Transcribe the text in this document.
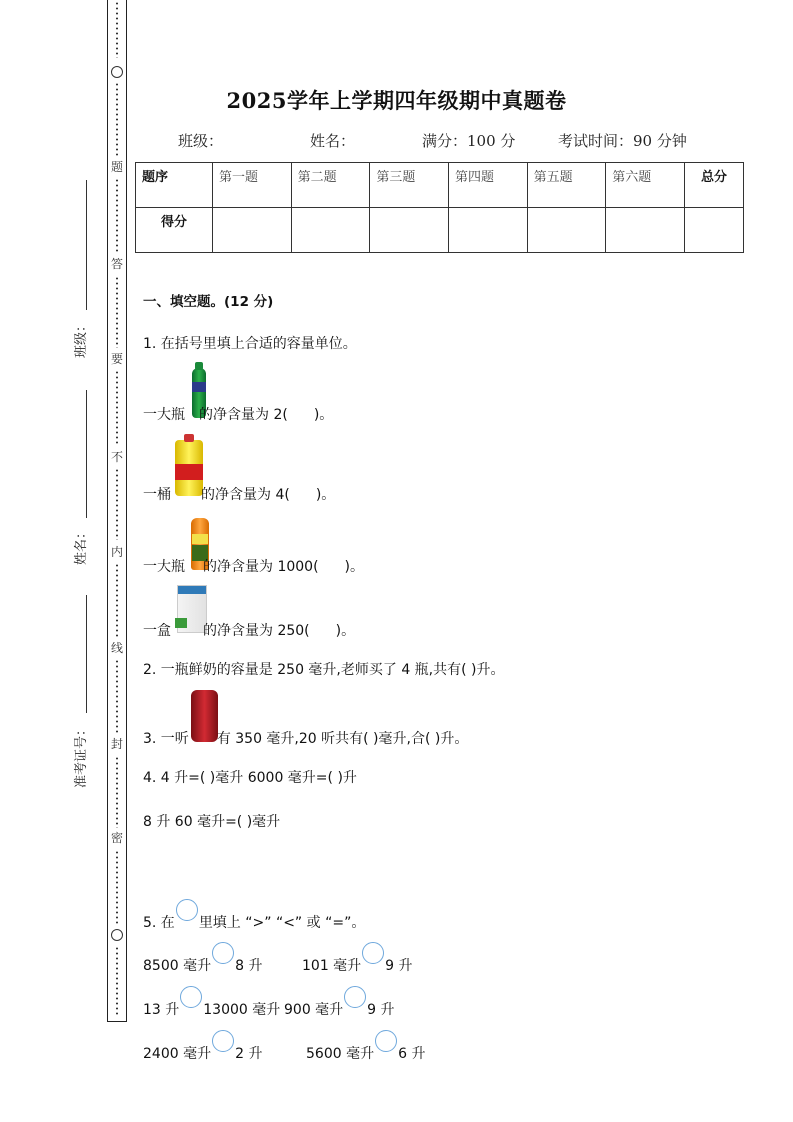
题
答
要
不
内
线
封
密
班级：
姓名：
准考证号：
2025学年上学期四年级期中真题卷
班级：	姓名：	满分：100 分	考试时间：90 分钟
题序	第一题	第二题	第三题	第四题	第五题	第六题	总分
得分							
一、填空题。(12 分)
1. 在括号里填上合适的容量单位。
一大瓶 的净含量为 2( )。
一桶 的净含量为 4( )。
一大瓶 的净含量为 1000( )。
一盒 的净含量为 250( )。
2. 一瓶鲜奶的容量是 250 毫升,老师买了 4 瓶,共有( )升。
3. 一听 有 350 毫升,20 听共有( )毫升,合( )升。
4. 4 升=( )毫升 6000 毫升=( )升
8 升 60 毫升=( )毫升
5. 在 里填上 “>” “<” 或 “=”。
8500 毫升 8 升	101 毫升 9 升
13 升 13000 毫升 900 毫升 9 升
2400 毫升 2 升	5600 毫升 6 升
